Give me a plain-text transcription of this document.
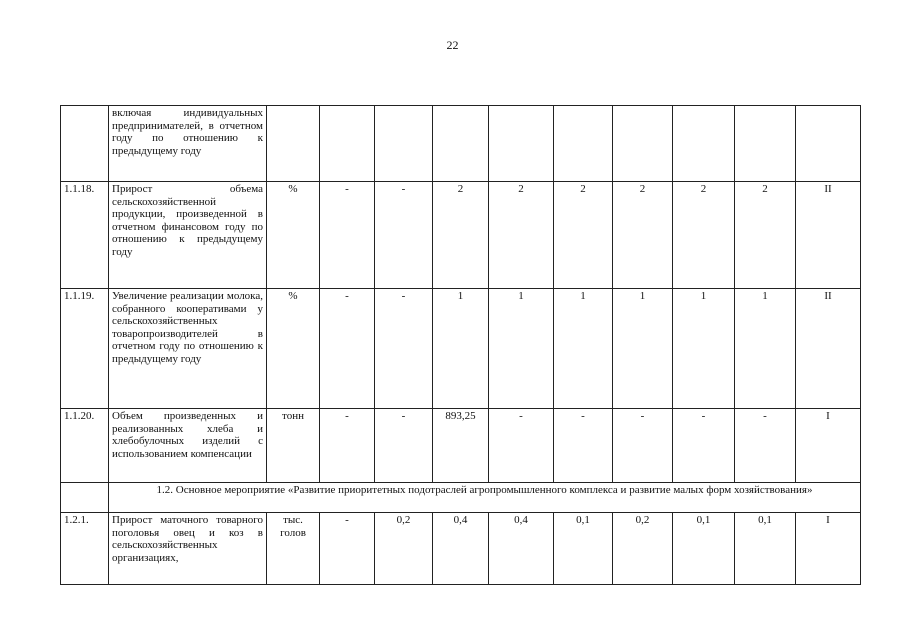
22
	включая индивидуальных предпринимателей, в отчетном году по отношению к предыдущему году										
1.1.18.	Прирост объема сельскохозяйственной продукции, произведенной в отчетном финансовом году по отношению к предыдущему году	%	-	-	2	2	2	2	2	2	II
1.1.19.	Увеличение реализации молока, собранного кооперативами у сельскохозяйственных товаропроизводителей в отчетном году по отношению к предыдущему году	%	-	-	1	1	1	1	1	1	II
1.1.20.	Объем произведенных и реализованных хлеба и хлебобулочных изделий с использованием компенсации	тонн	-	-	893,25	-	-	-	-	-	I
	1.2. Основное мероприятие «Развитие приоритетных подотраслей агропромышленного комплекса и развитие малых форм хозяйствования»										
1.2.1.	Прирост маточного товарного поголовья овец и коз в сельскохозяйственных организациях,	тыс. голов	-	0,2	0,4	0,4	0,1	0,2	0,1	0,1	I
